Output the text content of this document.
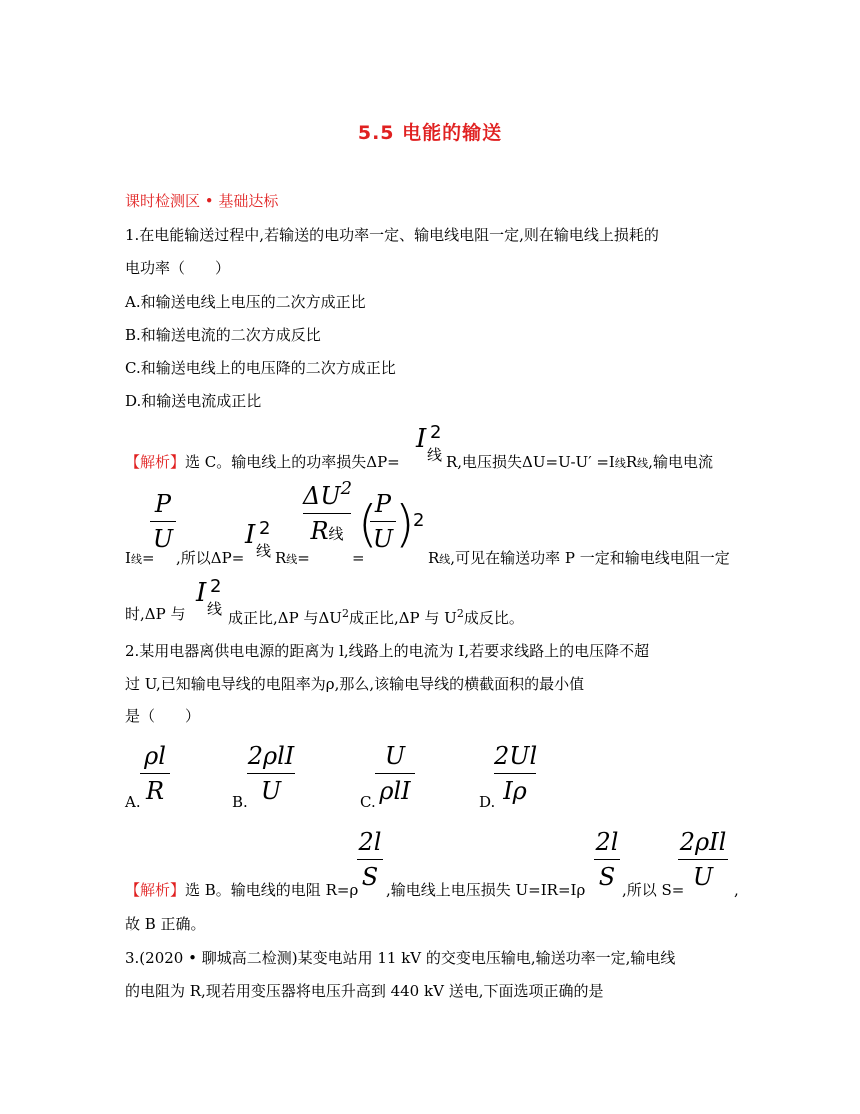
5.5 电能的输送
课时检测区 • 基础达标
1.在电能输送过程中,若输送的电功率一定、输电线电阻一定,则在输电线上损耗的
电功率（　　）
A.和输送电线上电压的二次方成正比
B.和输送电流的二次方成反比
C.和输送电线上的电压降的二次方成正比
D.和输送电流成正比
【解析】选 C。输电线上的功率损失ΔP=
I 2
线 R,电压损失ΔU=U-U′ =I线R线,输电电流
P
U
I线= ,所以ΔP=
I 2
线 R线=
$\Delta U^2$
R线
=
(
P
U )
2
R线,可见在输送功率 P 一定和输电线电阻一定
时,ΔP 与
I 2
线 成正比,ΔP 与$\Delta U^2$成正比,ΔP 与 $U^2$成反比。
2.某用电器离供电电源的距离为 l,线路上的电流为 I,若要求线路上的电压降不超
过 U,已知输电导线的电阻率为ρ,那么,该输电导线的横截面积的最小值
是（　　）
A.
ρl
R	B.
2ρlI
U	C.
U
ρlI	D.
2Ul
Iρ
【解析】选 B。输电线的电阻 R=ρ
2l
S ,输电线上电压损失 U=IR=Iρ
2l
S ,所以 S=
2ρIl
U	,
故 B 正确。
3.(2020 • 聊城高二检测)某变电站用 11 kV 的交变电压输电,输送功率一定,输电线
的电阻为 R,现若用变压器将电压升高到 440 kV 送电,下面选项正确的是
